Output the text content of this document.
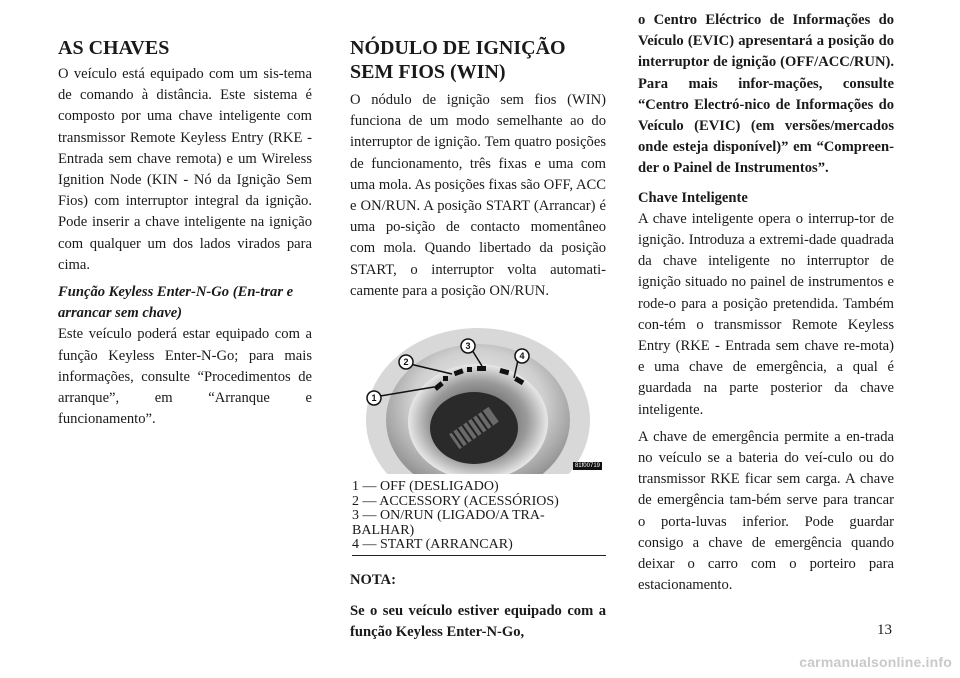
AS CHAVES

O veículo está equipado com um sis-tema de comando à distância. Este sistema é composto por uma chave inteligente com transmissor Remote Keyless Entry (RKE - Entrada sem chave remota) e um Wireless Ignition Node (KIN - Nó da Ignição Sem Fios) com interruptor integral da ignição. Pode inserir a chave inteligente na ignição com qualquer um dos lados virados para cima.

Função Keyless Enter-N-Go (En-trar e arrancar sem chave)

Este veículo poderá estar equipado com a função Keyless Enter-N-Go; para mais informações, consulte “Procedimentos de arranque”, em “Arranque e funcionamento”.

NÓDULO DE IGNIÇÃO SEM FIOS (WIN)

O nódulo de ignição sem fios (WIN) funciona de um modo semelhante ao do interruptor de ignição. Tem quatro posições de funcionamento, três fixas e uma com uma mola. As posições fixas são OFF, ACC e ON/RUN. A posição START (Arrancar) é uma po-sição de contacto momentâneo com mola. Quando libertado da posição START, o interruptor volta automati-camente para a posição ON/RUN.

1
2
3
4
81f00719
1 — OFF (DESLIGADO)
2 — ACCESSORY (ACESSÓRIOS)
3 — ON/RUN (LIGADO/A TRA-
BALHAR)
4 — START (ARRANCAR)
NOTA:

Se o seu veículo estiver equipado com a função Keyless Enter-N-Go,

o Centro Eléctrico de Informações do Veículo (EVIC) apresentará a posição do interruptor de ignição (OFF/ACC/RUN). Para mais infor-mações, consulte “Centro Electró-nico de Informações do Veículo (EVIC) (em versões/mercados onde esteja disponível)” em “Compreen-der o Painel de Instrumentos”.

Chave Inteligente

A chave inteligente opera o interrup-tor de ignição. Introduza a extremi-dade quadrada da chave inteligente no interruptor de ignição situado no painel de instrumentos e rode-o para a posição pretendida. Também con-tém o transmissor Remote Keyless Entry (RKE - Entrada sem chave re-mota) e uma chave de emergência, a qual é guardada na parte posterior da chave inteligente.

A chave de emergência permite a en-trada no veículo se a bateria do veí-culo ou do transmissor RKE ficar sem carga. A chave de emergência tam-bém serve para trancar o porta-luvas inferior. Pode guardar consigo a chave de emergência quando deixar o carro com o porteiro para estacionamento.

13
carmanualsonline.info
